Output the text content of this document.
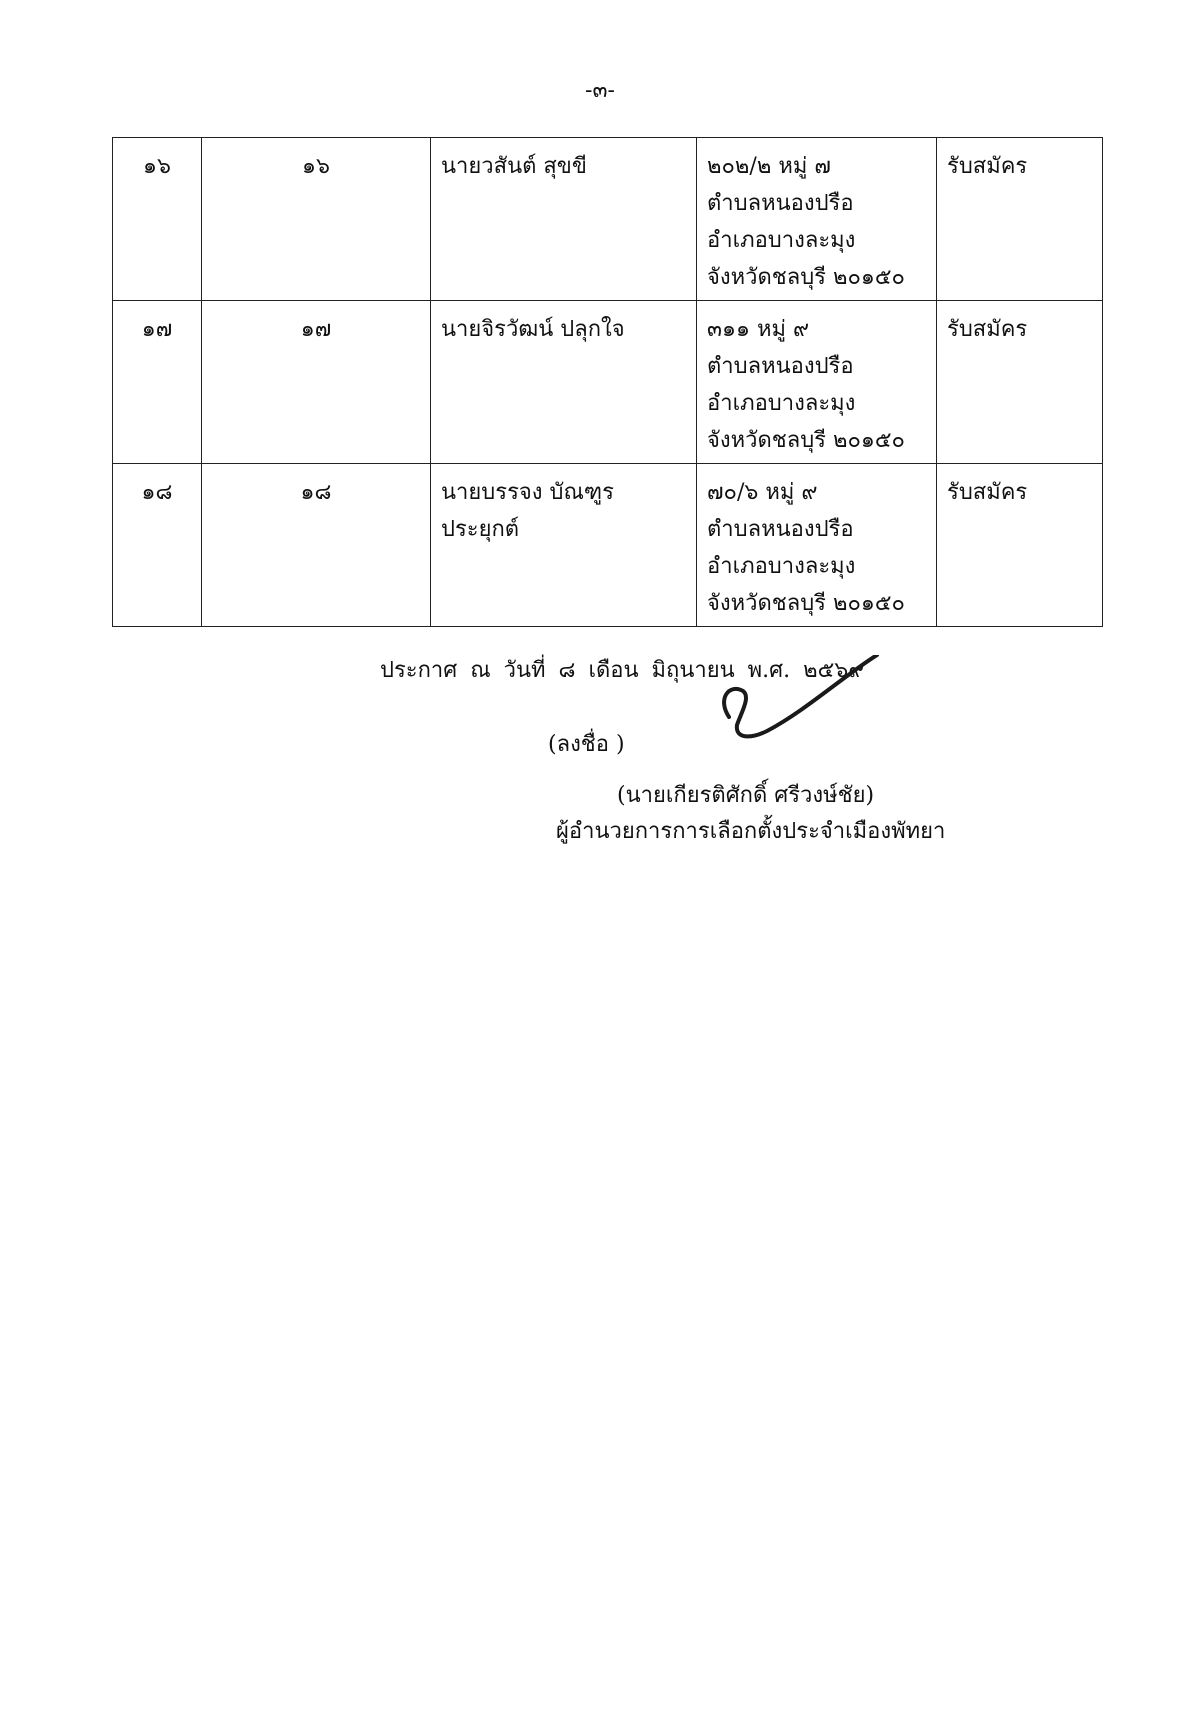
-๓-
๑๖	๑๖	นายวสันต์ สุขขี	๒๐๒/๒ หมู่ ๗
ตำบลหนองปรือ
อำเภอบางละมุง
จังหวัดชลบุรี ๒๐๑๕๐	รับสมัคร
๑๗	๑๗	นายจิรวัฒน์ ปลุกใจ	๓๑๑ หมู่ ๙
ตำบลหนองปรือ
อำเภอบางละมุง
จังหวัดชลบุรี ๒๐๑๕๐	รับสมัคร
๑๘	๑๘	นายบรรจง บัณฑูรประยุกต์	๗๐/๖ หมู่ ๙
ตำบลหนองปรือ
อำเภอบางละมุง
จังหวัดชลบุรี ๒๐๑๕๐	รับสมัคร
ประกาศ ณ วันที่ ๘ เดือน มิถุนายน พ.ศ. ๒๕๖๙
(ลงชื่อ )
(นายเกียรติศักดิ์ ศรีวงษ์ชัย)
ผู้อำนวยการการเลือกตั้งประจำเมืองพัทยา
